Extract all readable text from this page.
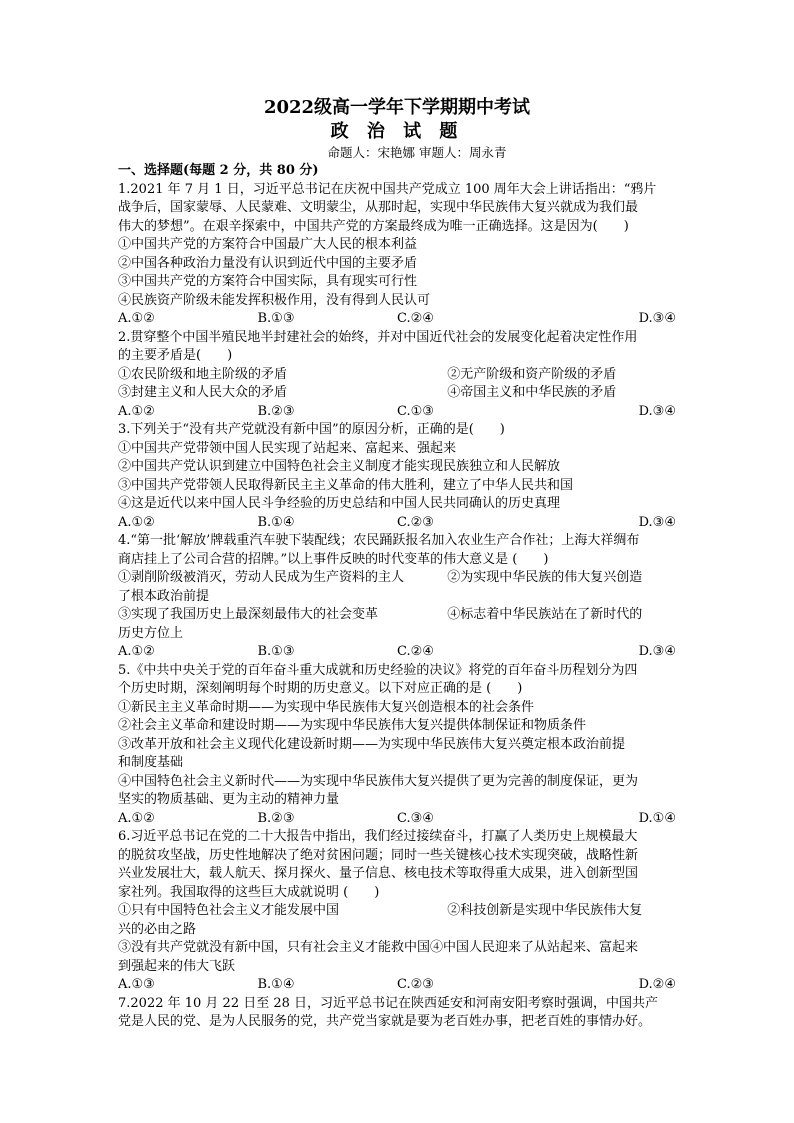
2022级高一学年下学期期中考试
政 治 试 题
命题人：宋艳娜 审题人：周永青
一、选择题(每题 2 分，共 80 分)
1.2021 年 7 月 1 日，习近平总书记在庆祝中国共产党成立 100 周年大会上讲话指出：“鸦片
战争后，国家蒙辱、人民蒙难、文明蒙尘，从那时起，实现中华民族伟大复兴就成为我们最
伟大的梦想”。在艰辛探索中，中国共产党的方案最终成为唯一正确选择。这是因为(　　)
①中国共产党的方案符合中国最广大人民的根本利益
②中国各种政治力量没有认识到近代中国的主要矛盾
③中国共产党的方案符合中国实际，具有现实可行性
④民族资产阶级未能发挥积极作用，没有得到人民认可
A.①②	B.①③	C.②④	D.③④
2.贯穿整个中国半殖民地半封建社会的始终，并对中国近代社会的发展变化起着决定性作用
的主要矛盾是(　　)
①农民阶级和地主阶级的矛盾	②无产阶级和资产阶级的矛盾
③封建主义和人民大众的矛盾	④帝国主义和中华民族的矛盾
A.①②	B.②③	C.①③	D.③④
3.下列关于“没有共产党就没有新中国”的原因分析，正确的是(　　)
①中国共产党带领中国人民实现了站起来、富起来、强起来
②中国共产党认识到建立中国特色社会主义制度才能实现民族独立和人民解放
③中国共产党带领人民取得新民主主义革命的伟大胜利，建立了中华人民共和国
④这是近代以来中国人民斗争经验的历史总结和中国人民共同确认的历史真理
A.①②	B.①④	C.②③	D.③④
4.“第一批‘解放’牌载重汽车驶下装配线；农民踊跃报名加入农业生产合作社；上海大祥绸布
商店挂上了公司合营的招牌。”以上事件反映的时代变革的伟大意义是 (　　)
①剥削阶级被消灭，劳动人民成为生产资料的主人	②为实现中华民族的伟大复兴创造
了根本政治前提
③实现了我国历史上最深刻最伟大的社会变革	④标志着中华民族站在了新时代的
历史方位上
A.①②	B.①③	C.②④	D.③④
5.《中共中央关于党的百年奋斗重大成就和历史经验的决议》将党的百年奋斗历程划分为四
个历史时期，深刻阐明每个时期的历史意义。以下对应正确的是 (　　)
①新民主主义革命时期——为实现中华民族伟大复兴创造根本的社会条件
②社会主义革命和建设时期——为实现中华民族伟大复兴提供体制保证和物质条件
③改革开放和社会主义现代化建设新时期——为实现中华民族伟大复兴奠定根本政治前提
和制度基础
④中国特色社会主义新时代——为实现中华民族伟大复兴提供了更为完善的制度保证，更为
坚实的物质基础、更为主动的精神力量
A.①②	B.②③	C.③④	D.①④
6.习近平总书记在党的二十大报告中指出，我们经过接续奋斗，打赢了人类历史上规模最大
的脱贫攻坚战，历史性地解决了绝对贫困问题；同时一些关键核心技术实现突破，战略性新
兴业发展壮大，载人航天、探月探火、量子信息、核电技术等取得重大成果，进入创新型国
家社列。我国取得的这些巨大成就说明 (　　)
①只有中国特色社会主义才能发展中国	②科技创新是实现中华民族伟大复
兴的必由之路
③没有共产党就没有新中国，只有社会主义才能救中国④中国人民迎来了从站起来、富起来
到强起来的伟大飞跃
A.①③	B.①④	C.②③	D.②④
7.2022 年 10 月 22 日至 28 日，习近平总书记在陕西延安和河南安阳考察时强调，中国共产
党是人民的党、是为人民服务的党，共产党当家就是要为老百姓办事，把老百姓的事情办好。
